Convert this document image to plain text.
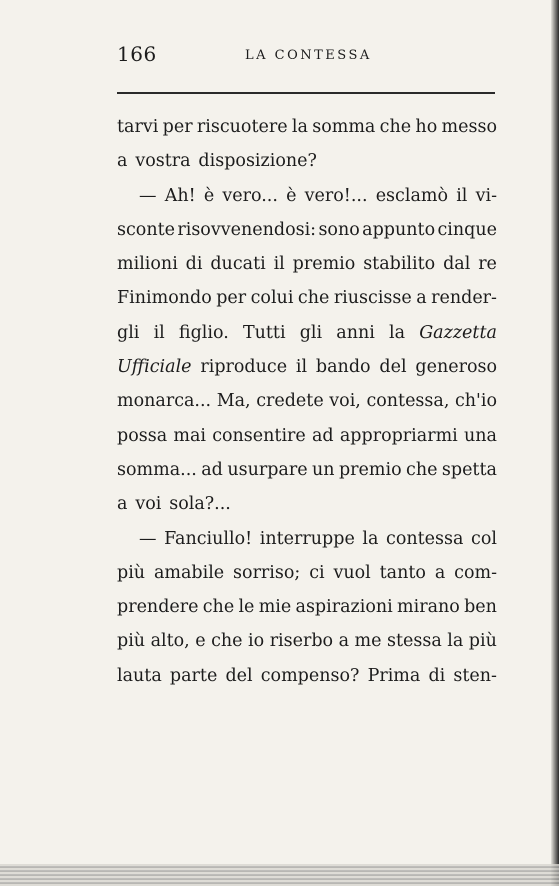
166	LA CONTESSA
tarvi per riscuotere la somma che ho messo
a vostra disposizione?
— Ah! è vero... è vero!... esclamò il vi-
sconte risovvenendosi: sono appunto cinque
milioni di ducati il premio stabilito dal re
Finimondo per colui che riuscisse a render-
gli il figlio. Tutti gli anni la Gazzetta
Ufficiale riproduce il bando del generoso
monarca... Ma, credete voi, contessa, ch'io
possa mai consentire ad appropriarmi una
somma... ad usurpare un premio che spetta
a voi sola?...
— Fanciullo! interruppe la contessa col
più amabile sorriso; ci vuol tanto a com-
prendere che le mie aspirazioni mirano ben
più alto, e che io riserbo a me stessa la più
lauta parte del compenso? Prima di sten-
